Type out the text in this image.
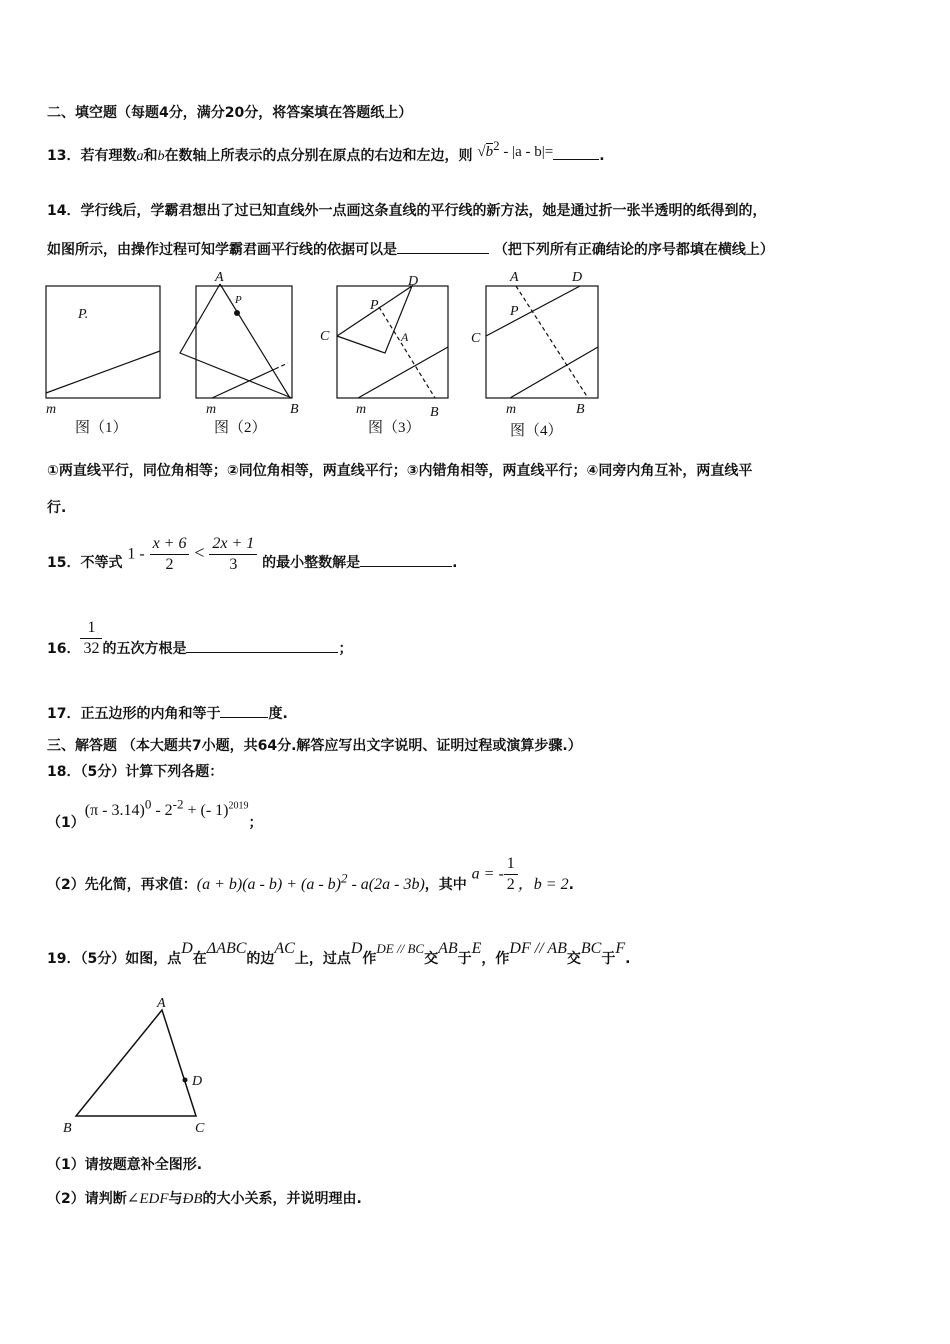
二、填空题（每题4分，满分20分，将答案填在答题纸上）
13．若有理数a和b在数轴上所表示的点分别在原点的右边和左边，则 $√b^2 - |a - b|=$	.
14．学行线后，学霸君想出了过已知直线外一点画这条直线的平行线的新方法，她是通过折一张半透明的纸得到的，
如图所示，由操作过程可知学霸君画平行线的依据可以是	（把下列所有正确结论的序号都填在横线上）
P.
m
A
P
m	B
D
P
C	A
m	B
A	D
P
C
m	B
图（1）	图（2）	图（3）	图（4）
①两直线平行，同位角相等；②同位角相等，两直线平行；③内错角相等，两直线平行；④同旁内角互补，两直线平
行.
15．不等式 $1 - \frac{x + 6}{2} < \frac{2x + 1}{3}$ 的最小整数解是	.
16． $\frac{1}{32}$ 的五次方根是	；
17．正五边形的内角和等于	度.
三、解答题 （本大题共7小题，共64分.解答应写出文字说明、证明过程或演算步骤.）
18．（5分）计算下列各题：
$(1)(\pi - 3.14)^0 - 2^{-2}$ + (- 1)$^{2019}$；
（2）先化简，再求值：(a + b)(a - b) + (a - b)$^2$ - a(2a - 3b)，其中 a = - $\frac{1}{2}$ ，b = 2.
19．（5分）如图，点D在ΔABC的边AC上，过点D作DE // BC交AB于E，作DF // AB交BC于F.
A
B	C
D
（1）请按题意补全图形.
（2）请判断∠EDF与ÐB的大小关系，并说明理由.
